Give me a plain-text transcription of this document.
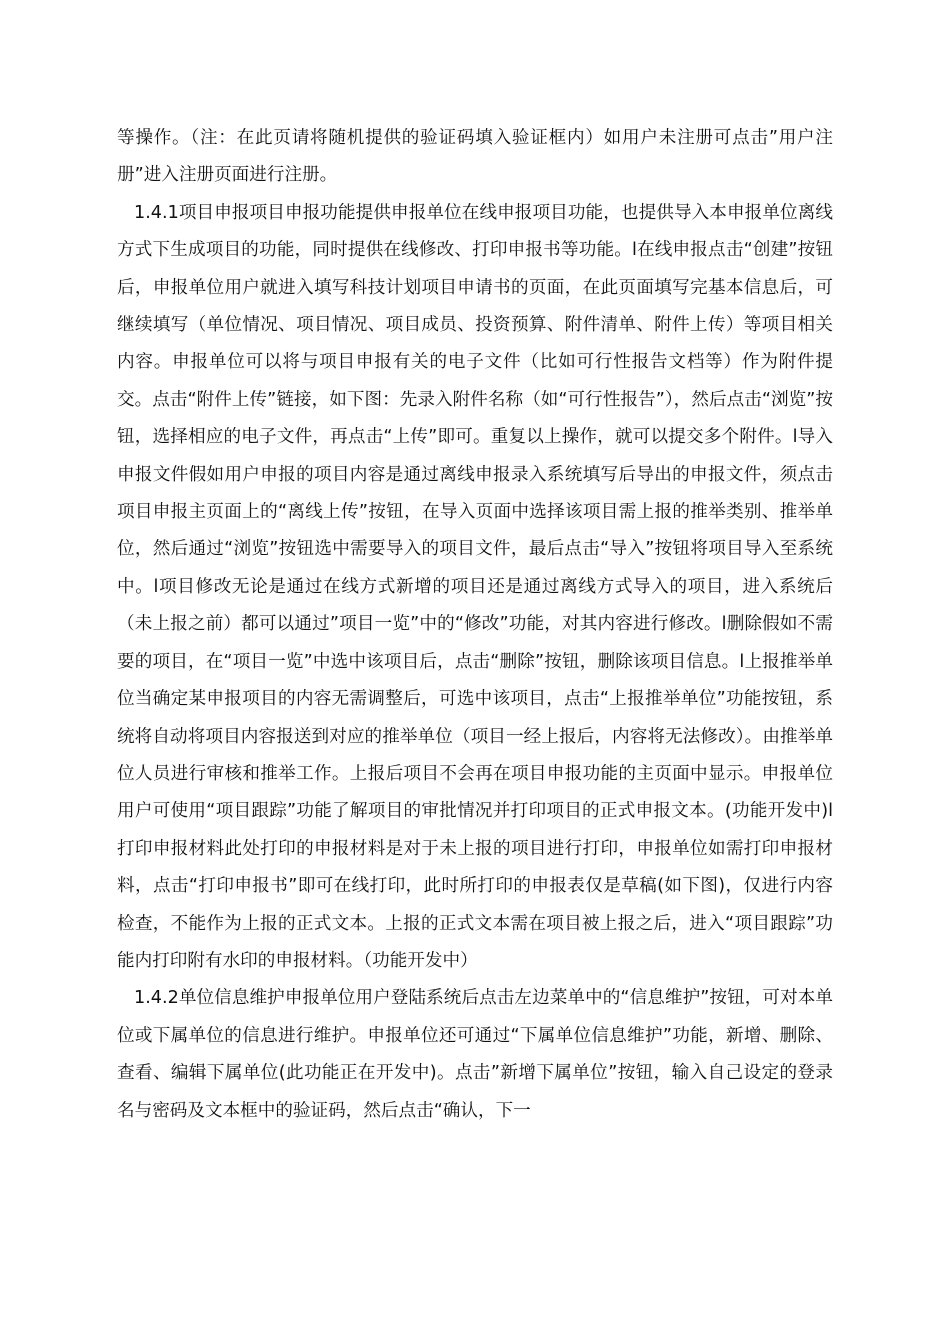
等操作。（注：在此页请将随机提供的验证码填入验证框内）如用户未注册可点击”用户注册”进入注册页面进行注册。

1.4.1项目申报项目申报功能提供申报单位在线申报项目功能，也提供导入本申报单位离线方式下生成项目的功能，同时提供在线修改、打印申报书等功能。l在线申报点击“创建”按钮后，申报单位用户就进入填写科技计划项目申请书的页面，在此页面填写完基本信息后，可继续填写（单位情况、项目情况、项目成员、投资预算、附件清单、附件上传）等项目相关内容。申报单位可以将与项目申报有关的电子文件（比如可行性报告文档等）作为附件提交。点击“附件上传”链接，如下图：先录入附件名称（如“可行性报告”），然后点击“浏览”按钮，选择相应的电子文件，再点击“上传”即可。重复以上操作，就可以提交多个附件。l导入申报文件假如用户申报的项目内容是通过离线申报录入系统填写后导出的申报文件，须点击项目申报主页面上的“离线上传”按钮，在导入页面中选择该项目需上报的推举类别、推举单位，然后通过“浏览”按钮选中需要导入的项目文件，最后点击“导入”按钮将项目导入至系统中。l项目修改无论是通过在线方式新增的项目还是通过离线方式导入的项目，进入系统后（未上报之前）都可以通过”项目一览”中的“修改”功能，对其内容进行修改。l删除假如不需要的项目，在“项目一览”中选中该项目后，点击“删除”按钮，删除该项目信息。l上报推举单位当确定某申报项目的内容无需调整后，可选中该项目，点击“上报推举单位”功能按钮，系统将自动将项目内容报送到对应的推举单位（项目一经上报后，内容将无法修改）。由推举单位人员进行审核和推举工作。上报后项目不会再在项目申报功能的主页面中显示。申报单位用户可使用“项目跟踪”功能了解项目的审批情况并打印项目的正式申报文本。(功能开发中)l打印申报材料此处打印的申报材料是对于未上报的项目进行打印，申报单位如需打印申报材料，点击“打印申报书”即可在线打印，此时所打印的申报表仅是草稿(如下图)，仅进行内容检查，不能作为上报的正式文本。上报的正式文本需在项目被上报之后，进入“项目跟踪”功能内打印附有水印的申报材料。（功能开发中）

1.4.2单位信息维护申报单位用户登陆系统后点击左边菜单中的“信息维护”按钮，可对本单位或下属单位的信息进行维护。申报单位还可通过“下属单位信息维护”功能，新增、删除、查看、编辑下属单位(此功能正在开发中)。点击”新增下属单位”按钮，输入自己设定的登录名与密码及文本框中的验证码，然后点击“确认，下一
